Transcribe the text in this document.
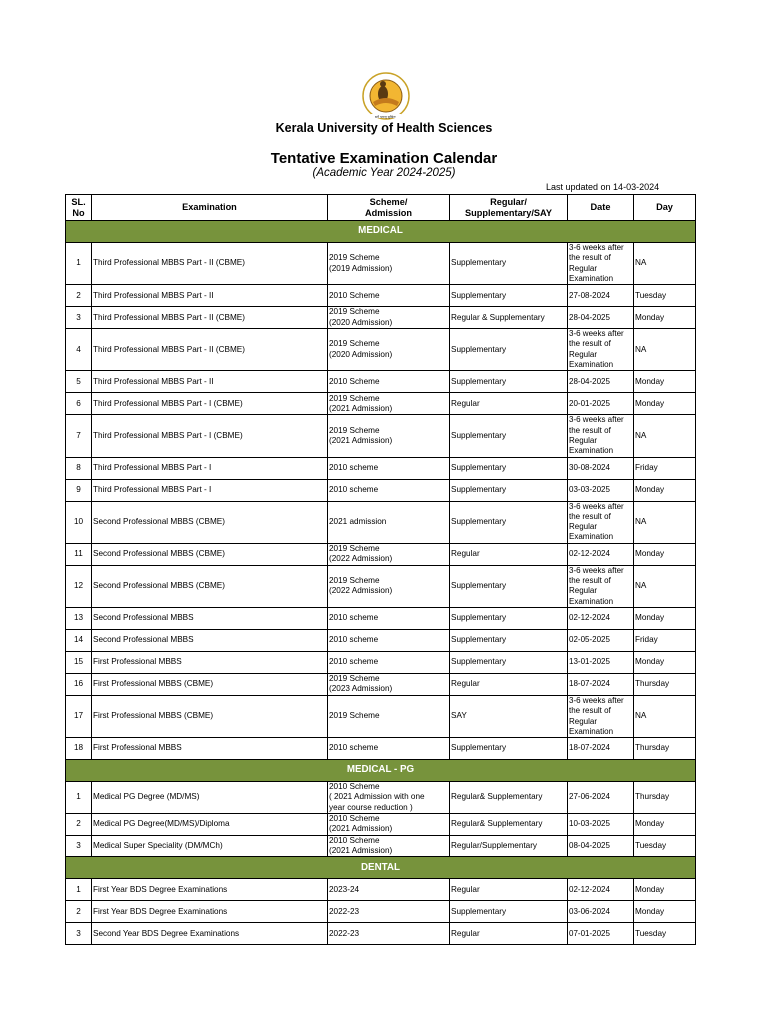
सर्वे भवन्तु सुखिनः
Kerala University of Health Sciences
Tentative Examination Calendar
(Academic Year 2024-2025)
Last updated on 14-03-2024
SL.
No	Examination	Scheme/
Admission	Regular/
Supplementary/SAY	Date	Day
MEDICAL					
1	Third Professional MBBS Part - II (CBME)	2019 Scheme
(2019 Admission)	Supplementary	3-6 weeks after
the result of
Regular
Examination	NA
2	Third Professional MBBS Part - II	2010 Scheme	Supplementary	27-08-2024	Tuesday
3	Third Professional MBBS Part - II (CBME)	2019 Scheme
(2020 Admission)	Regular & Supplementary	28-04-2025	Monday
4	Third Professional MBBS Part - II (CBME)	2019 Scheme
(2020 Admission)	Supplementary	3-6 weeks after
the result of
Regular
Examination	NA
5	Third Professional MBBS Part - II	2010 Scheme	Supplementary	28-04-2025	Monday
6	Third Professional MBBS Part - I (CBME)	2019 Scheme
(2021 Admission)	Regular	20-01-2025	Monday
7	Third Professional MBBS Part - I (CBME)	2019 Scheme
(2021 Admission)	Supplementary	3-6 weeks after
the result of
Regular
Examination	NA
8	Third Professional MBBS Part - I	2010 scheme	Supplementary	30-08-2024	Friday
9	Third Professional MBBS Part - I	2010 scheme	Supplementary	03-03-2025	Monday
10	Second Professional MBBS (CBME)	2021 admission	Supplementary	3-6 weeks after
the result of
Regular
Examination	NA
11	Second Professional MBBS (CBME)	2019 Scheme
(2022 Admission)	Regular	02-12-2024	Monday
12	Second Professional MBBS (CBME)	2019 Scheme
(2022 Admission)	Supplementary	3-6 weeks after
the result of
Regular
Examination	NA
13	Second Professional MBBS	2010 scheme	Supplementary	02-12-2024	Monday
14	Second Professional MBBS	2010 scheme	Supplementary	02-05-2025	Friday
15	First Professional MBBS	2010 scheme	Supplementary	13-01-2025	Monday
16	First Professional MBBS (CBME)	2019 Scheme
(2023 Admission)	Regular	18-07-2024	Thursday
17	First Professional MBBS (CBME)	2019 Scheme	SAY	3-6 weeks after
the result of
Regular
Examination	NA
18	First Professional MBBS	2010 scheme	Supplementary	18-07-2024	Thursday
MEDICAL - PG					
1	Medical PG Degree (MD/MS)	2010 Scheme
( 2021 Admission with one
year course reduction )	Regular& Supplementary	27-06-2024	Thursday
2	Medical PG Degree(MD/MS)/Diploma	2010 Scheme
(2021 Admission)	Regular& Supplementary	10-03-2025	Monday
3	Medical Super Speciality (DM/MCh)	2010 Scheme
(2021 Admission)	Regular/Supplementary	08-04-2025	Tuesday
DENTAL					
1	First Year BDS Degree Examinations	2023-24	Regular	02-12-2024	Monday
2	First Year BDS Degree Examinations	2022-23	Supplementary	03-06-2024	Monday
3	Second Year BDS Degree Examinations	2022-23	Regular	07-01-2025	Tuesday
